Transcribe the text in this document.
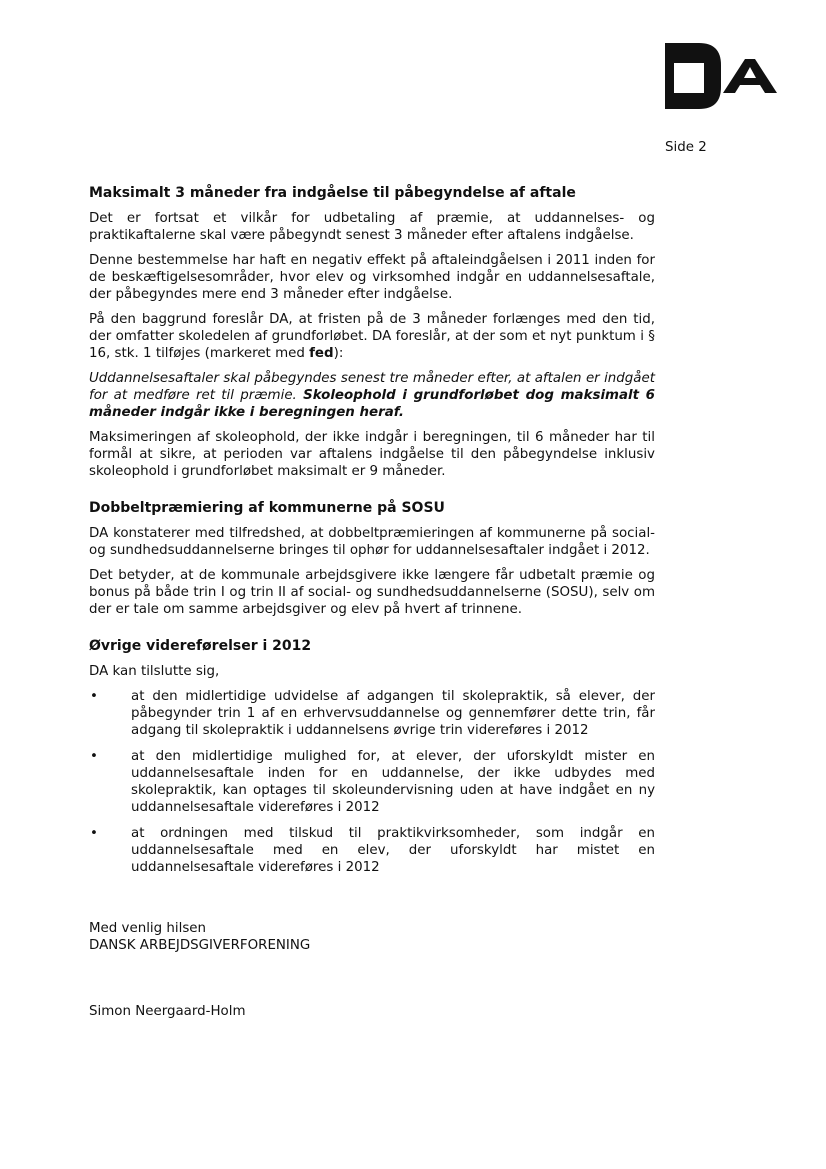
Side 2
Maksimalt 3 måneder fra indgåelse til påbegyndelse af aftale

Det er fortsat et vilkår for udbetaling af præmie, at uddannelses- og praktikaftalerne skal være påbegyndt senest 3 måneder efter aftalens indgåelse.

Denne bestemmelse har haft en negativ effekt på aftaleindgåelsen i 2011 inden for de beskæftigelsesområder, hvor elev og virksomhed indgår en uddannelsesaftale, der påbegyndes mere end 3 måneder efter indgåelse.

På den baggrund foreslår DA, at fristen på de 3 måneder forlænges med den tid, der omfatter skoledelen af grundforløbet. DA foreslår, at der som et nyt punktum i § 16, stk. 1 tilføjes (markeret med fed):

Uddannelsesaftaler skal påbegyndes senest tre måneder efter, at aftalen er indgået for at medføre ret til præmie. Skoleophold i grundforløbet dog maksimalt 6 måneder indgår ikke i beregningen heraf.

Maksimeringen af skoleophold, der ikke indgår i beregningen, til 6 måneder har til formål at sikre, at perioden var aftalens indgåelse til den påbegyndelse inklusiv skoleophold i grundforløbet maksimalt er 9 måneder.

Dobbeltpræmiering af kommunerne på SOSU

DA konstaterer med tilfredshed, at dobbeltpræmieringen af kommunerne på social- og sundhedsuddannelserne bringes til ophør for uddannelsesaftaler indgået i 2012.

Det betyder, at de kommunale arbejdsgivere ikke længere får udbetalt præmie og bonus på både trin I og trin II af social- og sundhedsuddannelserne (SOSU), selv om der er tale om samme arbejdsgiver og elev på hvert af trinnene.

Øvrige videreførelser i 2012

DA kan tilslutte sig,

• at den midlertidige udvidelse af adgangen til skolepraktik, så elever, der påbegynder trin 1 af en erhvervsuddannelse og gennemfører dette trin, får adgang til skolepraktik i uddannelsens øvrige trin videreføres i 2012
• at den midlertidige mulighed for, at elever, der uforskyldt mister en uddannelsesaftale inden for en uddannelse, der ikke udbydes med skolepraktik, kan optages til skoleundervisning uden at have indgået en ny uddannelsesaftale videreføres i 2012
• at ordningen med tilskud til praktikvirksomheder, som indgår en uddannelsesaftale med en elev, der uforskyldt har mistet en uddannelsesaftale videreføres i 2012
Med venlig hilsen
DANSK ARBEJDSGIVERFORENING
Simon Neergaard-Holm
